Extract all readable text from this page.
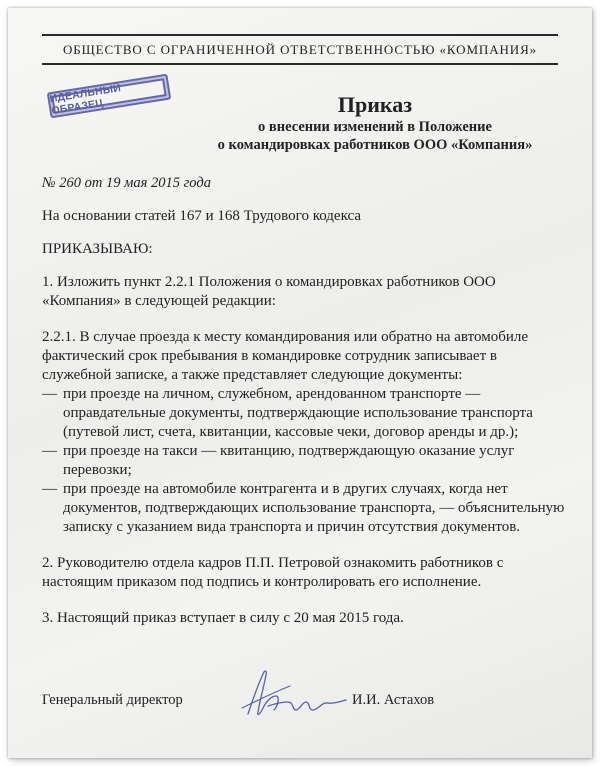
ОБЩЕСТВО С ОГРАНИЧЕННОЙ ОТВЕТСТВЕННОСТЬЮ «КОМПАНИЯ»
ИДЕАЛЬНЫЙ ОБРАЗЕЦ	Приказ
о внесении изменений в Положение
о командировках работников ООО «Компания»
№ 260 от 19 мая 2015 года

На основании статей 167 и 168 Трудового кодекса

ПРИКАЗЫВАЮ:

1. Изложить пункт 2.2.1 Положения о командировках работников ООО «Компания» в следующей редакции:

2.2.1. В случае проезда к месту командирования или обратно на автомобиле фактический срок пребывания в командировке сотрудник записывает в служебной записке, а также представляет следующие документы:
— при проезде на личном, служебном, арендованном транспорте — оправдательные документы, подтверждающие использование транспорта (путевой лист, счета, квитанции, кассовые чеки, договор аренды и др.);
— при проезде на такси — квитанцию, подтверждающую оказание услуг перевозки;
— при проезде на автомобиле контрагента и в других случаях, когда нет документов, подтверждающих использование транспорта, — объяснительную записку с указанием вида транспорта и причин отсутствия документов.

2. Руководителю отдела кадров П.П. Петровой ознакомить работников с настоящим приказом под подпись и контролировать его исполнение.

3. Настоящий приказ вступает в силу с 20 мая 2015 года.

Генеральный директор	И.И. Астахов
